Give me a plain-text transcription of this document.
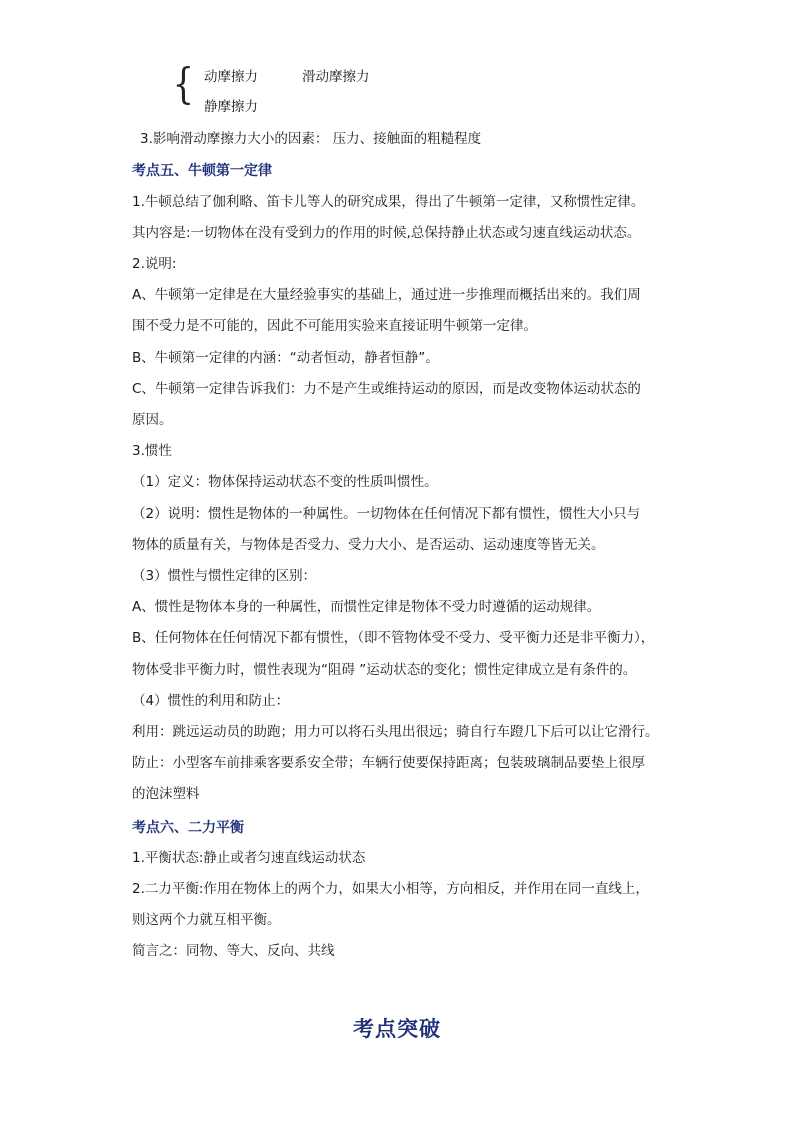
{ 动摩擦力	滑动摩擦力
静摩擦力
3.影响滑动摩擦力大小的因素： 压力、接触面的粗糙程度
考点五、牛顿第一定律
1.牛顿总结了伽利略、笛卡儿等人的研究成果，得出了牛顿第一定律，又称惯性定律。
其内容是:一切物体在没有受到力的作用的时候,总保持静止状态或匀速直线运动状态。
2.说明:
A、牛顿第一定律是在大量经验事实的基础上，通过进一步推理而概括出来的。我们周
围不受力是不可能的，因此不可能用实验来直接证明牛顿第一定律。
B、牛顿第一定律的内涵：“动者恒动，静者恒静”。
C、牛顿第一定律告诉我们：力不是产生或维持运动的原因，而是改变物体运动状态的
原因。
3.惯性
（1）定义：物体保持运动状态不变的性质叫惯性。
（2）说明：惯性是物体的一种属性。一切物体在任何情况下都有惯性，惯性大小只与
物体的质量有关，与物体是否受力、受力大小、是否运动、运动速度等皆无关。
（3）惯性与惯性定律的区别：
A、惯性是物体本身的一种属性，而惯性定律是物体不受力时遵循的运动规律。
B、任何物体在任何情况下都有惯性，（即不管物体受不受力、受平衡力还是非平衡力），
物体受非平衡力时，惯性表现为“阻碍 ”运动状态的变化；惯性定律成立是有条件的。
（4）惯性的利用和防止：
利用：跳远运动员的助跑；用力可以将石头甩出很远；骑自行车蹬几下后可以让它滑行。
防止：小型客车前排乘客要系安全带；车辆行使要保持距离；包装玻璃制品要垫上很厚
的泡沫塑料
考点六、二力平衡
1.平衡状态:静止或者匀速直线运动状态
2.二力平衡:作用在物体上的两个力，如果大小相等，方向相反，并作用在同一直线上，
则这两个力就互相平衡。
简言之：同物、等大、反向、共线
考点突破
